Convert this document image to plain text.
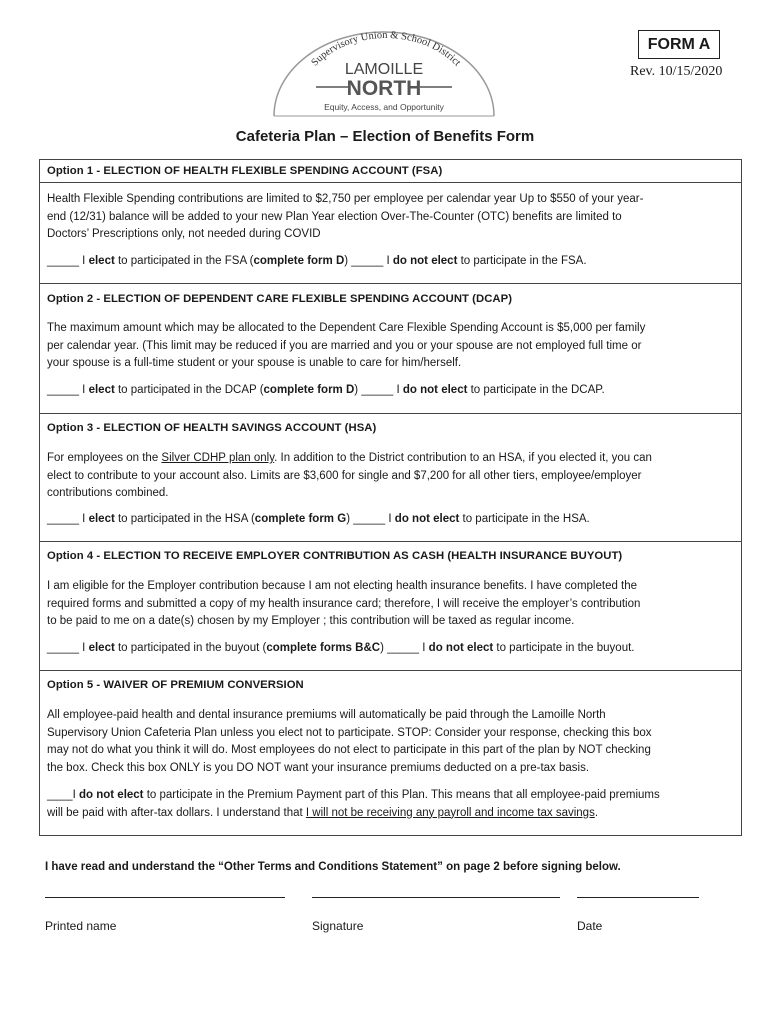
Supervisory Union & School District
LAMOILLE
NORTH
Equity, Access, and Opportunity
FORM A
Rev. 10/15/2020
Cafeteria Plan – Election of Benefits Form
Option 1 - ELECTION OF HEALTH FLEXIBLE SPENDING ACCOUNT (FSA)
Health Flexible Spending contributions are limited to $2,750 per employee per calendar year Up to $550 of your year-
end (12/31) balance will be added to your new Plan Year election Over-The-Counter (OTC) benefits are limited to
Doctors’ Prescriptions only, not needed during COVID
_____ I elect to participated in the FSA (complete form D) _____ I do not elect to participate in the FSA.
Option 2 - ELECTION OF DEPENDENT CARE FLEXIBLE SPENDING ACCOUNT (DCAP)
The maximum amount which may be allocated to the Dependent Care Flexible Spending Account is $5,000 per family
per calendar year. (This limit may be reduced if you are married and you or your spouse are not employed full time or
your spouse is a full-time student or your spouse is unable to care for him/herself.
_____ I elect to participated in the DCAP (complete form D) _____ I do not elect to participate in the DCAP.
Option 3 - ELECTION OF HEALTH SAVINGS ACCOUNT (HSA)
For employees on the Silver CDHP plan only. In addition to the District contribution to an HSA, if you elected it, you can
elect to contribute to your account also. Limits are $3,600 for single and $7,200 for all other tiers, employee/employer
contributions combined.
_____ I elect to participated in the HSA (complete form G) _____ I do not elect to participate in the HSA.
Option 4 - ELECTION TO RECEIVE EMPLOYER CONTRIBUTION AS CASH (HEALTH INSURANCE BUYOUT)
I am eligible for the Employer contribution because I am not electing health insurance benefits. I have completed the
required forms and submitted a copy of my health insurance card; therefore, I will receive the employer’s contribution
to be paid to me on a date(s) chosen by my Employer ; this contribution will be taxed as regular income.
_____ I elect to participated in the buyout (complete forms B&C) _____ I do not elect to participate in the buyout.
Option 5 - WAIVER OF PREMIUM CONVERSION
All employee-paid health and dental insurance premiums will automatically be paid through the Lamoille North
Supervisory Union Cafeteria Plan unless you elect not to participate. STOP: Consider your response, checking this box
may not do what you think it will do. Most employees do not elect to participate in this part of the plan by NOT checking
the box. Check this box ONLY is you DO NOT want your insurance premiums deducted on a pre-tax basis.
____I do not elect to participate in the Premium Payment part of this Plan. This means that all employee-paid premiums
will be paid with after-tax dollars. I understand that I will not be receiving any payroll and income tax savings.
I have read and understand the “Other Terms and Conditions Statement” on page 2 before signing below.
Printed name	Signature	Date
